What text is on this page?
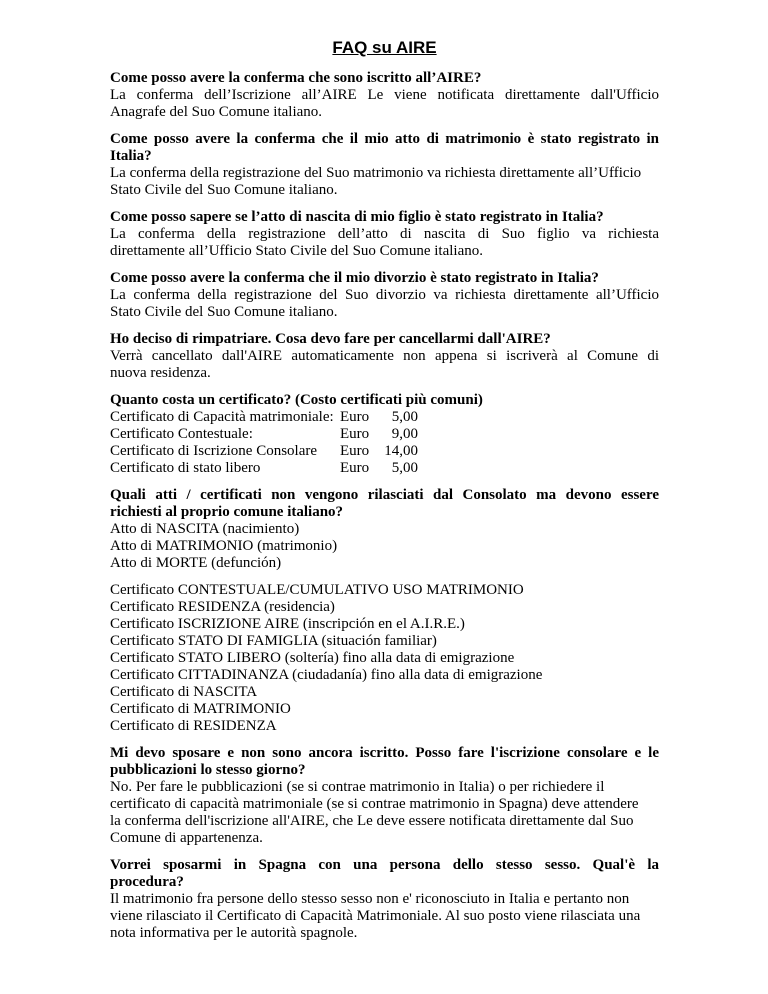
FAQ su AIRE
Come posso avere la conferma che sono iscritto all’AIRE?
La conferma dell’Iscrizione all’AIRE Le viene notificata direttamente dall'Ufficio
Anagrafe del Suo Comune italiano.
Come posso avere la conferma che il mio atto di matrimonio è stato registrato in
Italia?
La conferma della registrazione del Suo matrimonio va richiesta direttamente all’Ufficio
Stato Civile del Suo Comune italiano.
Come posso sapere se l’atto di nascita di mio figlio è stato registrato in Italia?
La conferma della registrazione dell’atto di nascita di Suo figlio va richiesta
direttamente all’Ufficio Stato Civile del Suo Comune italiano.
Come posso avere la conferma che il mio divorzio è stato registrato in Italia?
La conferma della registrazione del Suo divorzio va richiesta direttamente all’Ufficio
Stato Civile del Suo Comune italiano.
Ho deciso di rimpatriare. Cosa devo fare per cancellarmi dall'AIRE?
Verrà cancellato dall'AIRE automaticamente non appena si iscriverà al Comune di
nuova residenza.
Quanto costa un certificato? (Costo certificati più comuni)
Certificato di Capacità matrimoniale:	Euro	5,00
Certificato Contestuale:	Euro	9,00
Certificato di Iscrizione Consolare	Euro	14,00
Certificato di stato libero	Euro	5,00
Quali atti / certificati non vengono rilasciati dal Consolato ma devono essere
richiesti al proprio comune italiano?
Atto di NASCITA (nacimiento)
Atto di MATRIMONIO (matrimonio)
Atto di MORTE (defunción)
Certificato CONTESTUALE/CUMULATIVO USO MATRIMONIO
Certificato RESIDENZA (residencia)
Certificato ISCRIZIONE AIRE (inscripción en el A.I.R.E.)
Certificato STATO DI FAMIGLIA (situación familiar)
Certificato STATO LIBERO (soltería) fino alla data di emigrazione
Certificato CITTADINANZA (ciudadanía) fino alla data di emigrazione
Certificato di NASCITA
Certificato di MATRIMONIO
Certificato di RESIDENZA
Mi devo sposare e non sono ancora iscritto. Posso fare l'iscrizione consolare e le
pubblicazioni lo stesso giorno?
No. Per fare le pubblicazioni (se si contrae matrimonio in Italia) o per richiedere il
certificato di capacità matrimoniale (se si contrae matrimonio in Spagna) deve attendere
la conferma dell'iscrizione all'AIRE, che Le deve essere notificata direttamente dal Suo
Comune di appartenenza.
Vorrei sposarmi in Spagna con una persona dello stesso sesso. Qual'è la
procedura?
Il matrimonio fra persone dello stesso sesso non e' riconosciuto in Italia e pertanto non
viene rilasciato il Certificato di Capacità Matrimoniale. Al suo posto viene rilasciata una
nota informativa per le autorità spagnole.
